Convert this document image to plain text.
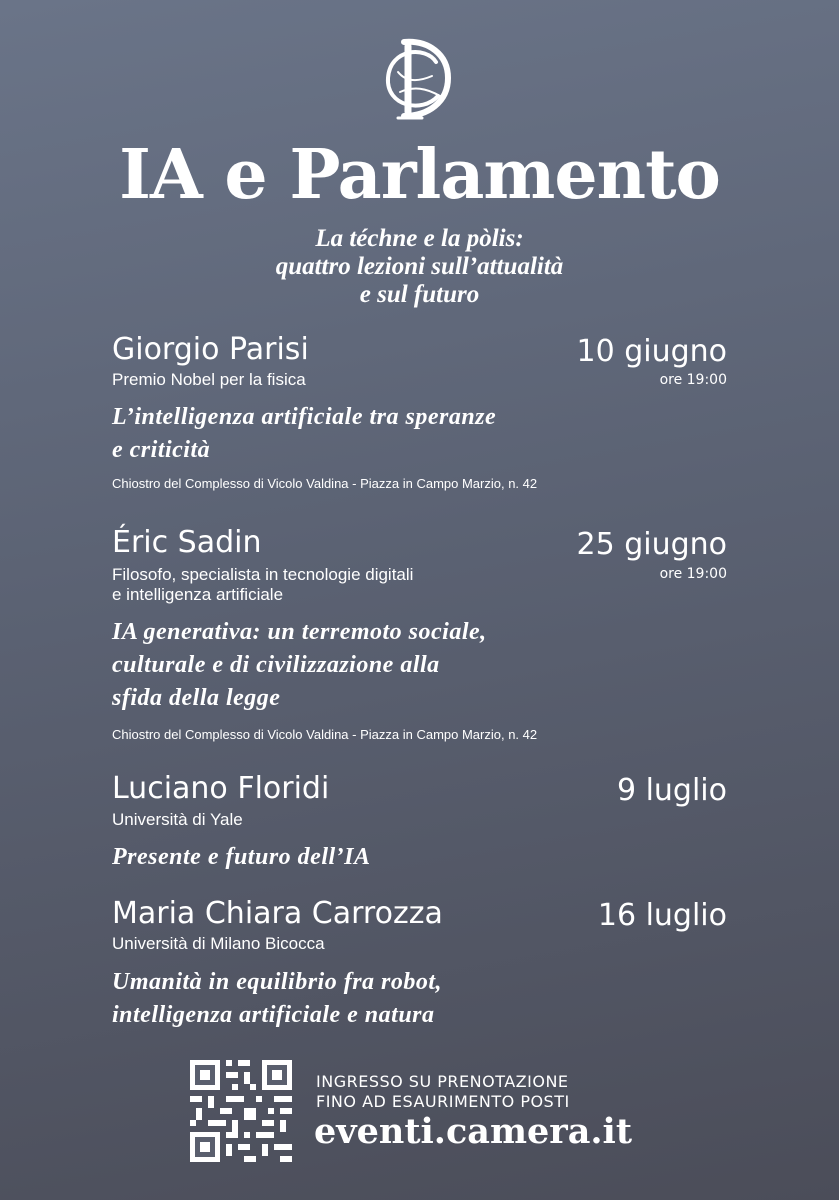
IA e Parlamento
La téchne e la pòlis:
quattro lezioni sull’attualità
e sul futuro
Giorgio Parisi	10 giugno
Premio Nobel per la fisica	ore 19:00
L’intelligenza artificiale tra speranze
e criticità
Chiostro del Complesso di Vicolo Valdina - Piazza in Campo Marzio, n. 42
Éric Sadin	25 giugno
Filosofo, specialista in tecnologie digitali
e intelligenza artificiale
ore 19:00
IA generativa: un terremoto sociale,
culturale e di civilizzazione alla
sfida della legge
Chiostro del Complesso di Vicolo Valdina - Piazza in Campo Marzio, n. 42
Luciano Floridi	9 luglio
Università di Yale
Presente e futuro dell’IA
Maria Chiara Carrozza	16 luglio
Università di Milano Bicocca
Umanità in equilibrio fra robot,
intelligenza artificiale e natura
INGRESSO SU PRENOTAZIONE
FINO AD ESAURIMENTO POSTI
eventi.camera.it
